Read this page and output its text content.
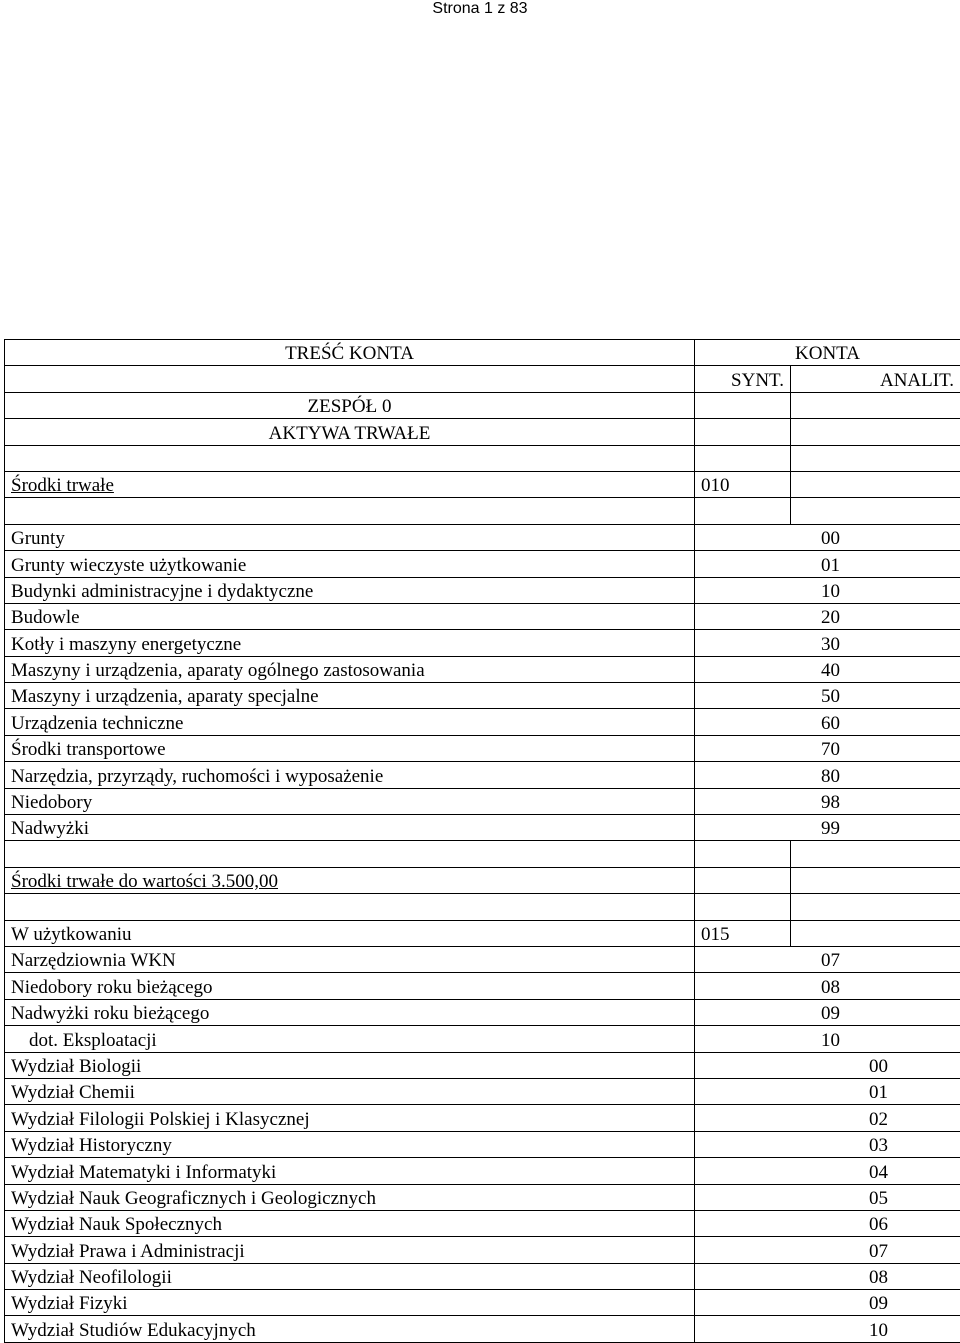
Strona 1 z 83
TREŚĆ KONTA	KONTA	
	SYNT.	ANALIT.
ZESPÓŁ 0		
AKTYWA TRWAŁE		

Środki trwałe	010	

Grunty	00	
Grunty wieczyste użytkowanie	01	
Budynki administracyjne i dydaktyczne	10	
Budowle	20	
Kotły i maszyny energetyczne	30	
Maszyny i urządzenia, aparaty ogólnego zastosowania	40	
Maszyny i urządzenia, aparaty specjalne	50	
Urządzenia techniczne	60	
Środki transportowe	70	
Narzędzia, przyrządy, ruchomości i wyposażenie	80	
Niedobory	98	
Nadwyżki	99	

Środki trwałe do wartości 3.500,00		

W użytkowaniu	015	
Narzędziownia WKN	07	
Niedobory roku bieżącego	08	
Nadwyżki roku bieżącego	09	
dot. Eksploatacji	10	
Wydział Biologii	00	
Wydział Chemii	01	
Wydział Filologii Polskiej i Klasycznej	02	
Wydział Historyczny	03	
Wydział Matematyki i Informatyki	04	
Wydział Nauk Geograficznych i Geologicznych	05	
Wydział Nauk Społecznych	06	
Wydział Prawa i Administracji	07	
Wydział Neofilologii	08	
Wydział Fizyki	09	
Wydział Studiów Edukacyjnych	10	
